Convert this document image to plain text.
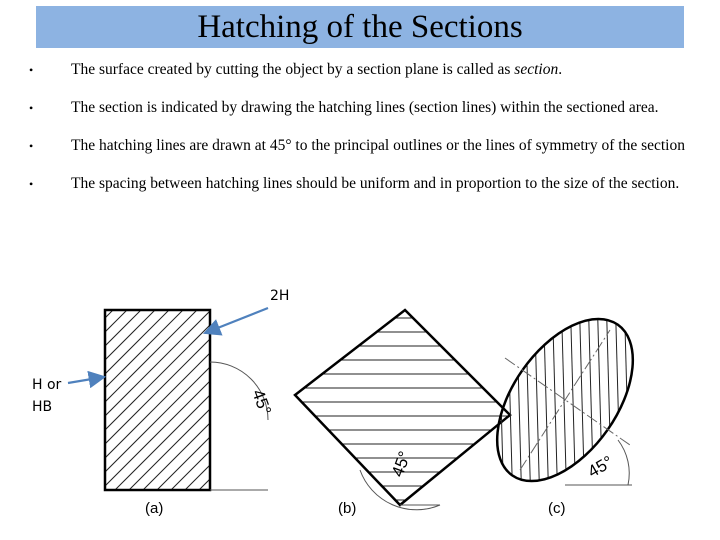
Hatching of the Sections
• The surface created by cutting the object by a section plane is called as section.
• The section is indicated by drawing the hatching lines (section lines) within the sectioned area.
• The hatching lines are drawn at 45° to the principal outlines or the lines of symmetry of the section
• The spacing between hatching lines should be uniform and in proportion to the size of the section.
2H
H or
HB	45°
45°	45°
(a)	(b)	(c)
